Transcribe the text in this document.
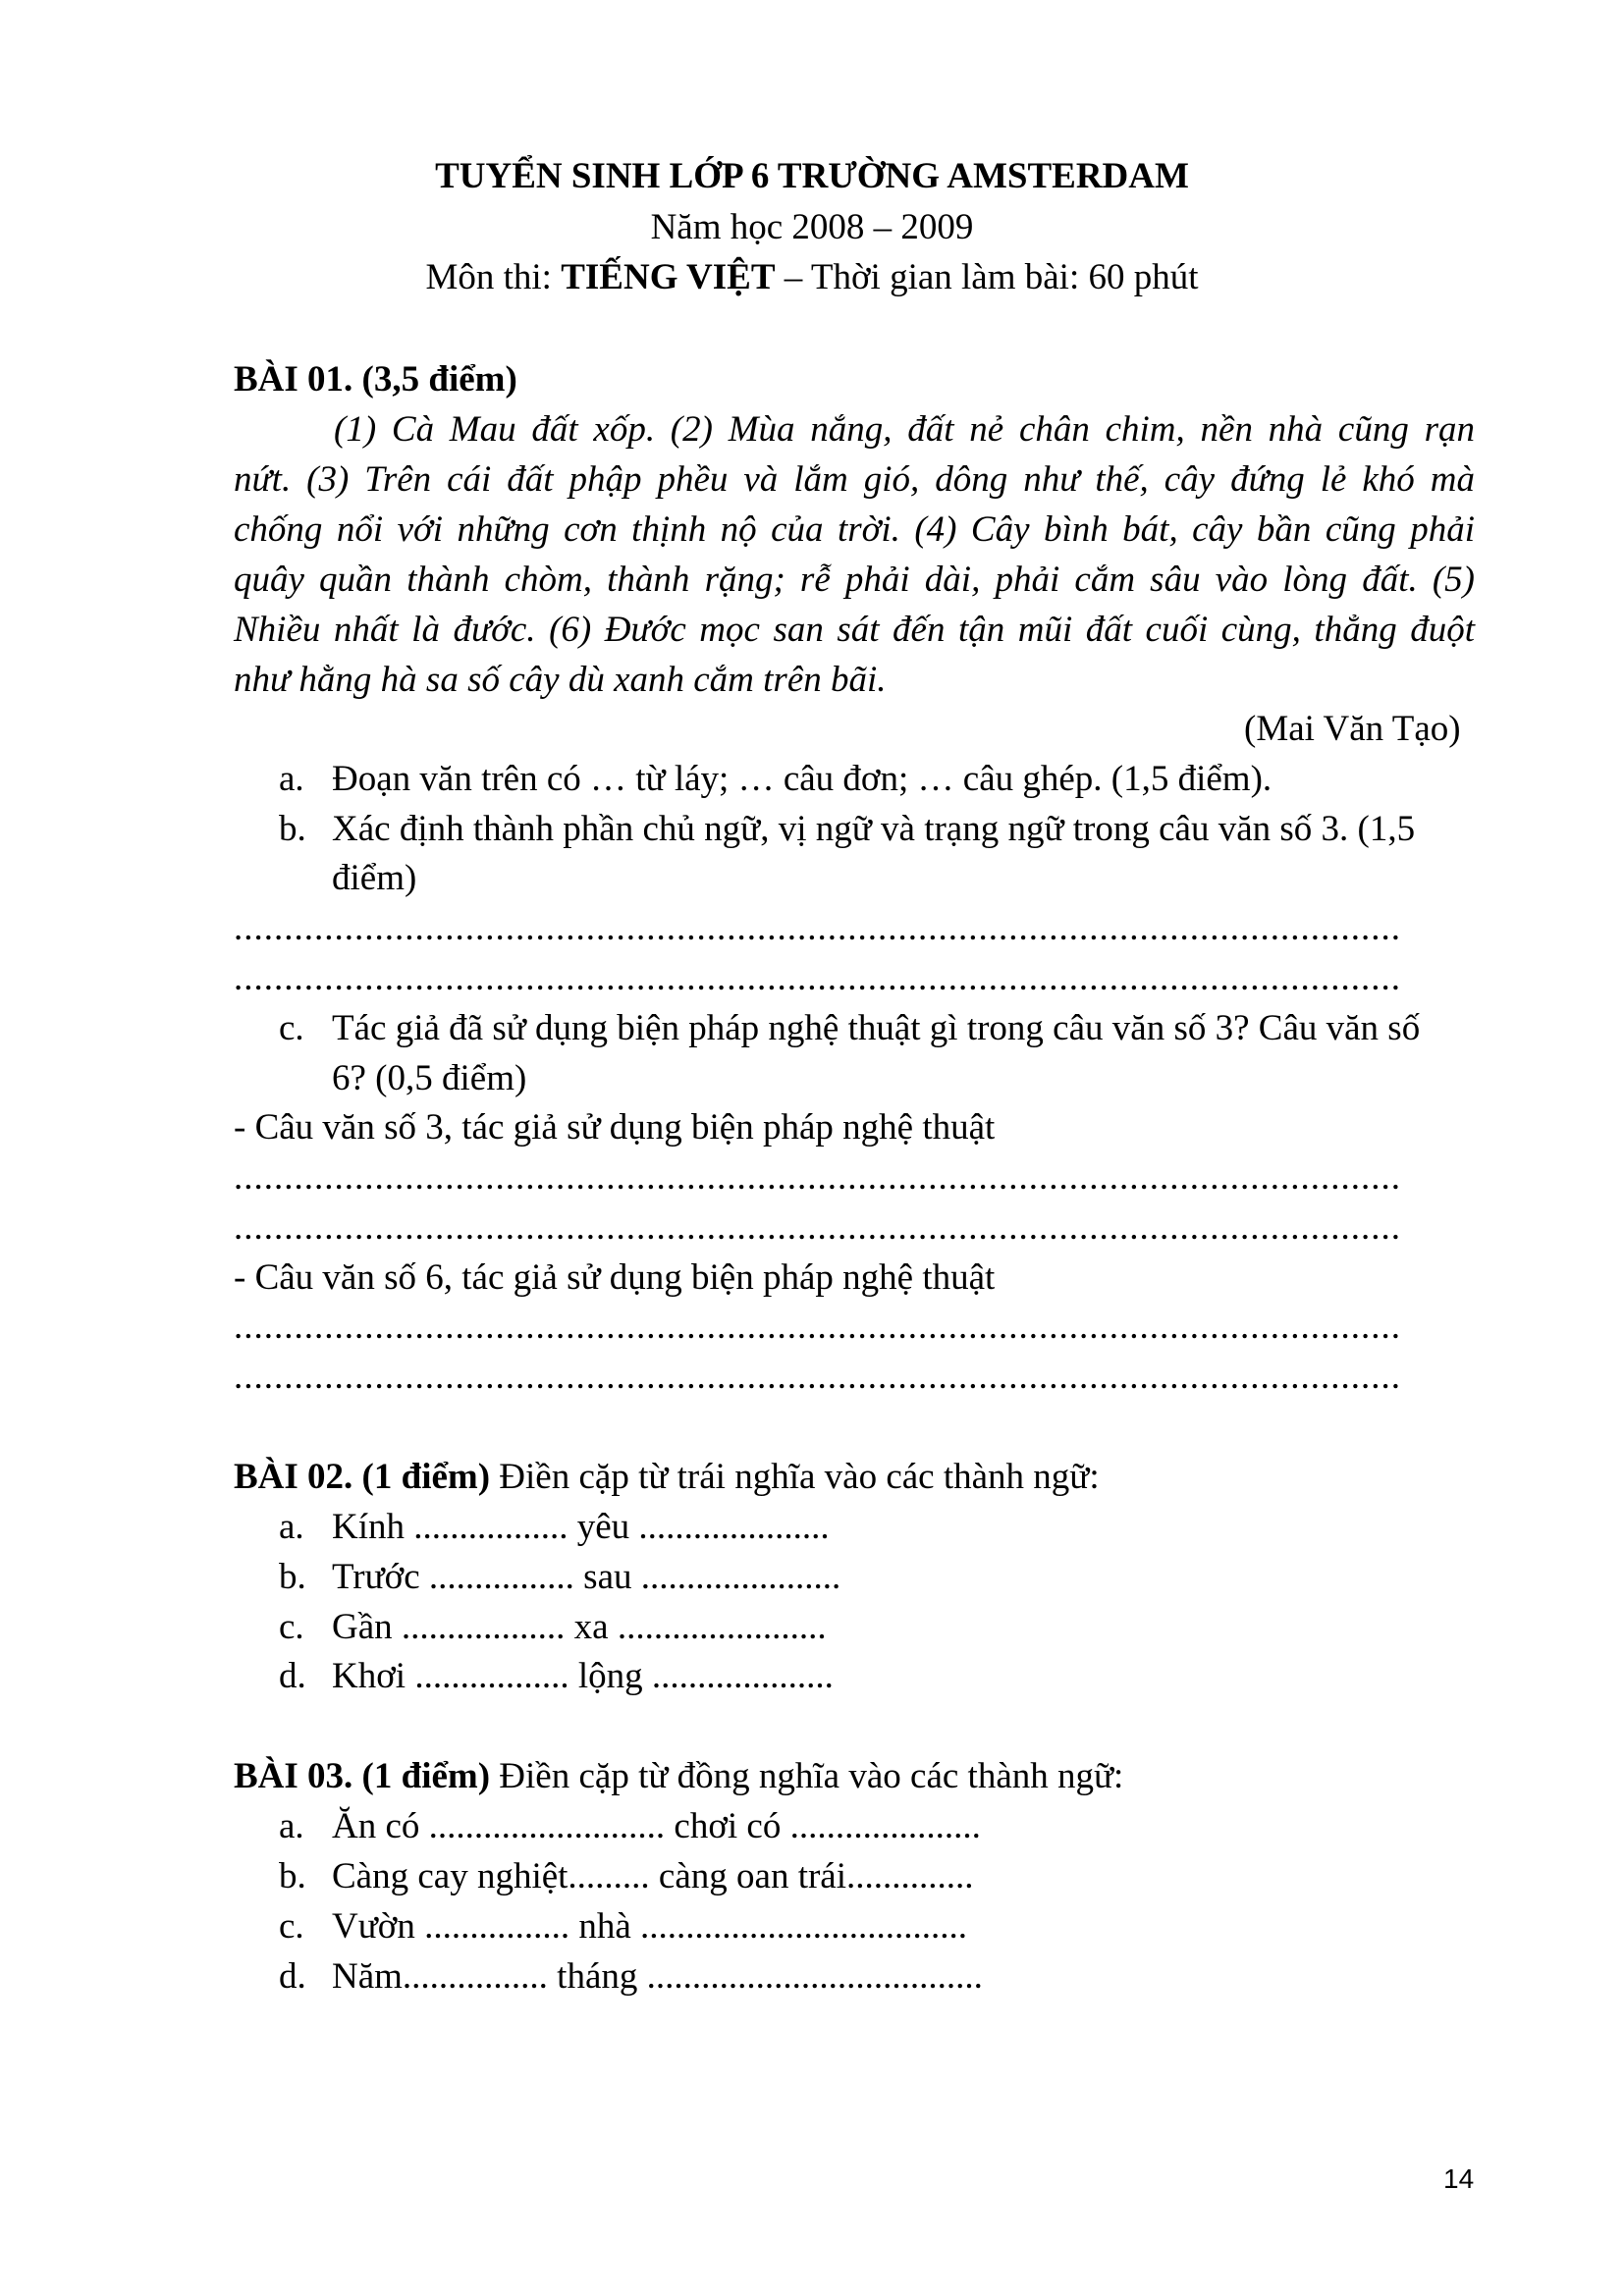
TUYỂN SINH LỚP 6 TRƯỜNG AMSTERDAM
Năm học 2008 – 2009
Môn thi: TIẾNG VIỆT – Thời gian làm bài: 60 phút
BÀI 01. (3,5 điểm)
(1) Cà Mau đất xốp. (2) Mùa nắng, đất nẻ chân chim, nền nhà cũng rạn
nứt. (3) Trên cái đất phập phều và lắm gió, dông như thế, cây đứng lẻ khó mà
chống nổi với những cơn thịnh nộ của trời. (4) Cây bình bát, cây bần cũng phải
quây quần thành chòm, thành rặng; rễ phải dài, phải cắm sâu vào lòng đất. (5)
Nhiều nhất là đước. (6) Đước mọc san sát đến tận mũi đất cuối cùng, thẳng đuột
như hằng hà sa số cây dù xanh cắm trên bãi.
(Mai Văn Tạo)
a. Đoạn văn trên có … từ láy; … câu đơn; … câu ghép. (1,5 điểm).
b. Xác định thành phần chủ ngữ, vị ngữ và trạng ngữ trong câu văn số 3. (1,5
điểm)
....................................................................................................................
....................................................................................................................
c. Tác giả đã sử dụng biện pháp nghệ thuật gì trong câu văn số 3? Câu văn số
6? (0,5 điểm)
- Câu văn số 3, tác giả sử dụng biện pháp nghệ thuật
....................................................................................................................
....................................................................................................................
- Câu văn số 6, tác giả sử dụng biện pháp nghệ thuật
....................................................................................................................
....................................................................................................................
BÀI 02. (1 điểm) Điền cặp từ trái nghĩa vào các thành ngữ:
a. Kính ................. yêu .....................
b. Trước ................ sau ......................
c. Gần .................. xa .......................
d. Khơi ................. lộng ....................
BÀI 03. (1 điểm) Điền cặp từ đồng nghĩa vào các thành ngữ:
a. Ăn có .......................... chơi có .....................
b. Càng cay nghiệt......... càng oan trái..............
c. Vườn ................ nhà ....................................
d. Năm................ tháng .....................................
14
